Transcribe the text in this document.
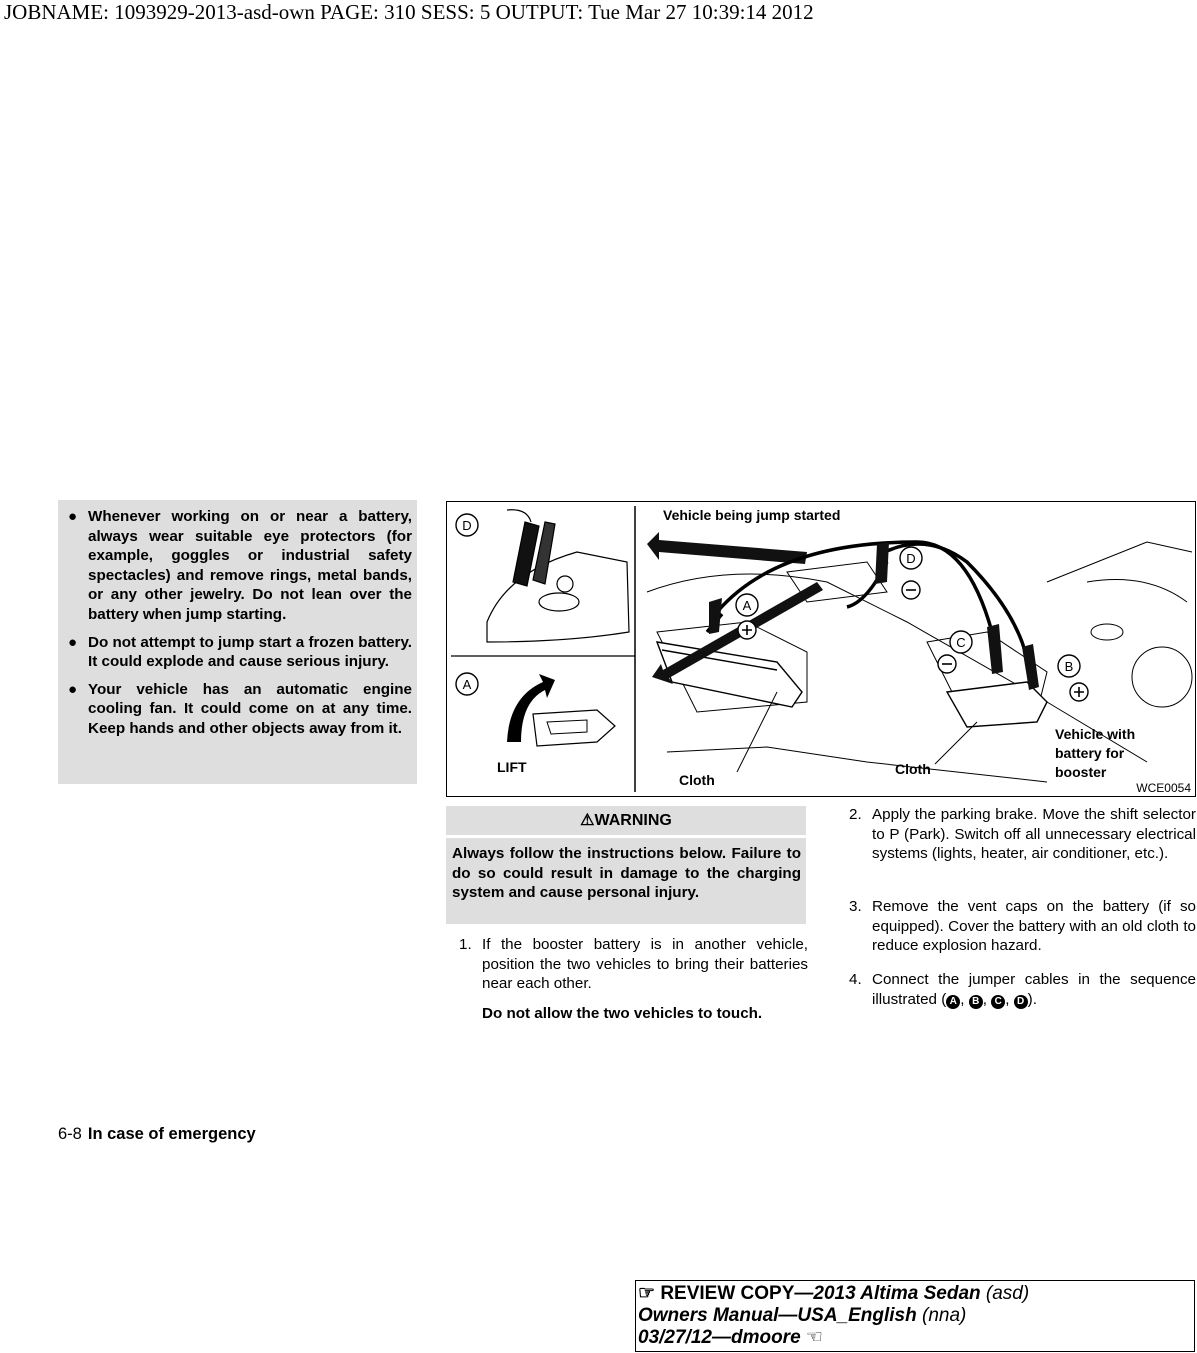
JOBNAME: 1093929-2013-asd-own PAGE: 310 SESS: 5 OUTPUT: Tue Mar 27 10:39:14 2012
● Whenever working on or near a battery, always wear suitable eye protectors (for example, goggles or industrial safety spectacles) and remove rings, metal bands, or any other jewelry. Do not lean over the battery when jump starting.
● Do not attempt to jump start a frozen battery. It could explode and cause serious injury.
● Your vehicle has an automatic engine cooling fan. It could come on at any time. Keep hands and other objects away from it.
D
A
LIFT
A
D
C
B
Vehicle being jump started
Cloth
Cloth
Vehicle with
battery for
booster
WCE0054
⚠WARNING
Always follow the instructions below. Failure to do so could result in damage to the charging system and cause personal injury.
1. If the booster battery is in another vehicle, position the two vehicles to bring their batteries near each other.
Do not allow the two vehicles to touch.
2. Apply the parking brake. Move the shift selector to P (Park). Switch off all unnecessary electrical systems (lights, heater, air conditioner, etc.).
3. Remove the vent caps on the battery (if so equipped). Cover the battery with an old cloth to reduce explosion hazard.
4. Connect the jumper cables in the sequence illustrated ( A , B , C , D ).
6-8 In case of emergency
☞ REVIEW COPY—2013 Altima Sedan (asd)
Owners Manual—USA_English (nna)
03/27/12—dmoore ☜
